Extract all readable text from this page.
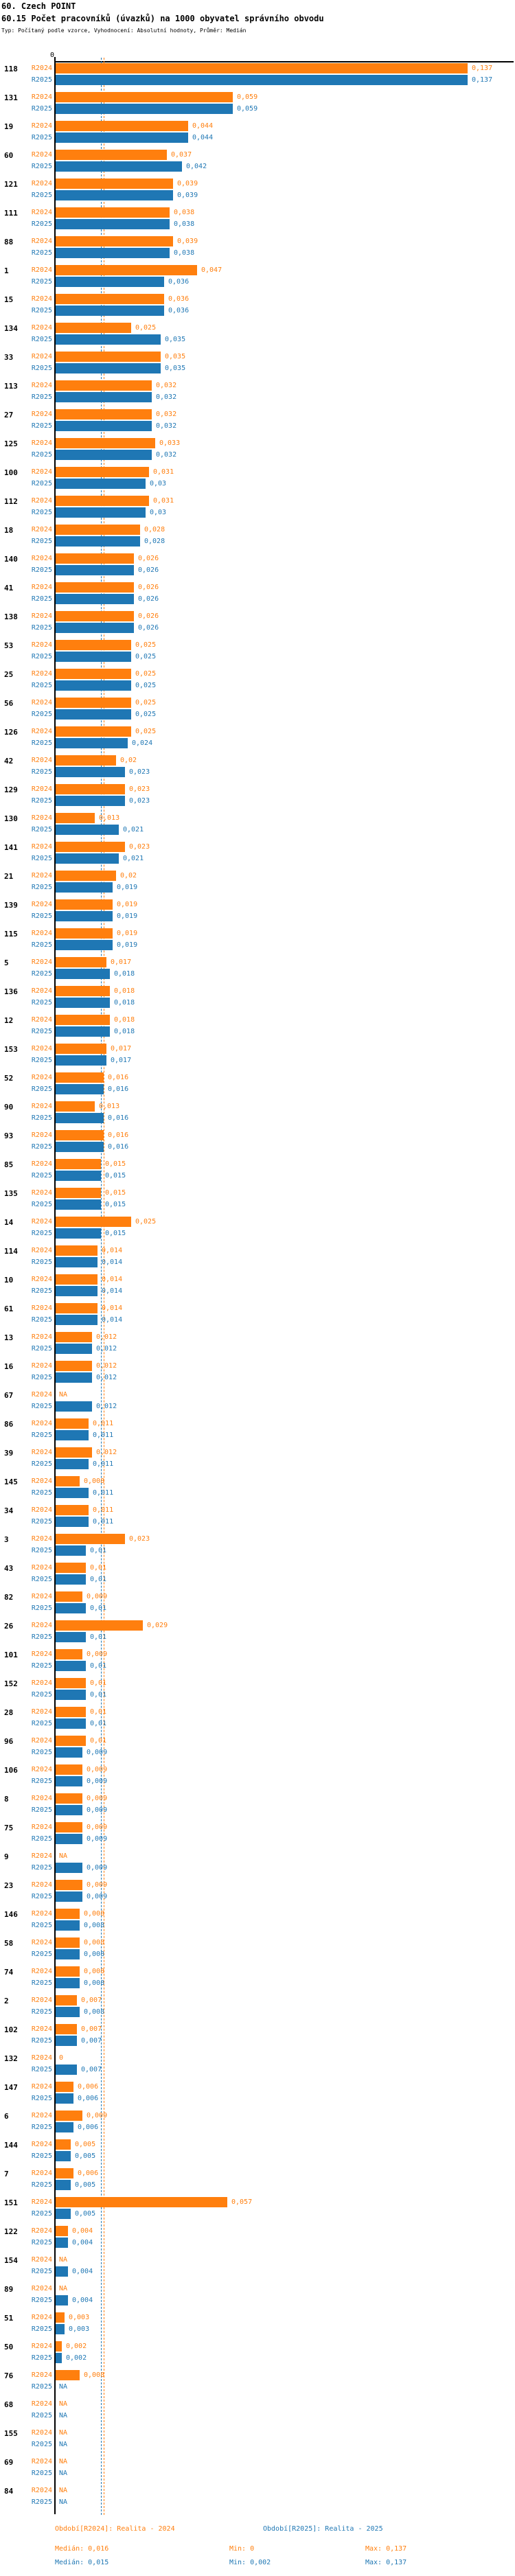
60. Czech POINT
60.15 Počet pracovníků (úvazků) na 1000 obyvatel správního obvodu
Typ: Počítaný podle vzorce, Vyhodnocení: Absolutní hodnoty, Průměr: Medián
0
118	R2024	0,137
R2025	0,137
131	R2024	0,059
R2025	0,059
19	R2024	0,044
R2025	0,044
60	R2024	0,037
R2025	0,042
121	R2024	0,039
R2025	0,039
111	R2024	0,038
R2025	0,038
88	R2024	0,039
R2025	0,038
1	R2024	0,047
R2025	0,036
15	R2024	0,036
R2025	0,036
134	R2024	0,025
R2025	0,035
33	R2024	0,035
R2025	0,035
113	R2024	0,032
R2025	0,032
27	R2024	0,032
R2025	0,032
125	R2024	0,033
R2025	0,032
100	R2024	0,031
R2025	0,03
112	R2024	0,031
R2025	0,03
18	R2024	0,028
R2025	0,028
140	R2024	0,026
R2025	0,026
41	R2024	0,026
R2025	0,026
138	R2024	0,026
R2025	0,026
53	R2024	0,025
R2025	0,025
25	R2024	0,025
R2025	0,025
56	R2024	0,025
R2025	0,025
126	R2024	0,025
R2025	0,024
42	R2024	0,02
R2025	0,023
129	R2024	0,023
R2025	0,023
130	R2024	0,013
R2025	0,021
141	R2024	0,023
R2025	0,021
21	R2024	0,02
R2025	0,019
139	R2024	0,019
R2025	0,019
115	R2024	0,019
R2025	0,019
5	R2024	0,017
R2025	0,018
136	R2024	0,018
R2025	0,018
12	R2024	0,018
R2025	0,018
153	R2024	0,017
R2025	0,017
52	R2024	0,016
R2025	0,016
90	R2024	0,013
R2025	0,016
93	R2024	0,016
R2025	0,016
85	R2024	0,015
R2025	0,015
135	R2024	0,015
R2025	0,015
14	R2024	0,025
R2025	0,015
114	R2024	0,014
R2025	0,014
10	R2024	0,014
R2025	0,014
61	R2024	0,014
R2025	0,014
13	R2024	0,012
R2025	0,012
16	R2024	0,012
R2025	0,012
67	R2024 NA
R2025	0,012
86	R2024	0,011
R2025	0,011
39	R2024	0,012
R2025	0,011
145	R2024	0,008
R2025	0,011
34	R2024	0,011
R2025	0,011
3	R2024	0,023
R2025	0,01
43	R2024	0,01
R2025	0,01
82	R2024	0,009
R2025	0,01
26	R2024	0,029
R2025	0,01
101	R2024	0,009
R2025	0,01
152	R2024	0,01
R2025	0,01
28	R2024	0,01
R2025	0,01
96	R2024	0,01
R2025	0,009
106	R2024	0,009
R2025	0,009
8	R2024	0,009
R2025	0,009
75	R2024	0,009
R2025	0,009
9	R2024 NA
R2025	0,009
23	R2024	0,009
R2025	0,009
146	R2024	0,008
R2025	0,008
58	R2024	0,008
R2025	0,008
74	R2024	0,008
R2025	0,008
2	R2024	0,007
R2025	0,008
102	R2024	0,007
R2025	0,007
132	R2024 0
R2025	0,007
147	R2024	0,006
R2025	0,006
6	R2024	0,009
R2025	0,006
144	R2024	0,005
R2025	0,005
7	R2024	0,006
R2025	0,005
151	R2024	0,057
R2025	0,005
122	R2024	0,004
R2025	0,004
154	R2024 NA
R2025	0,004
89	R2024 NA
R2025	0,004
51	R2024 0,003
R2025 0,003
50	R2024 0,002
R2025 0,002
76	R2024	0,008
R2025 NA
68	R2024 NA
R2025 NA
155	R2024 NA
R2025 NA
69	R2024 NA
R2025 NA
84	R2024 NA
R2025 NA
Období[R2024]: Realita - 2024	Období[R2025]: Realita - 2025
Medián: 0,016	Min: 0	Max: 0,137
Medián: 0,015	Min: 0,002	Max: 0,137
